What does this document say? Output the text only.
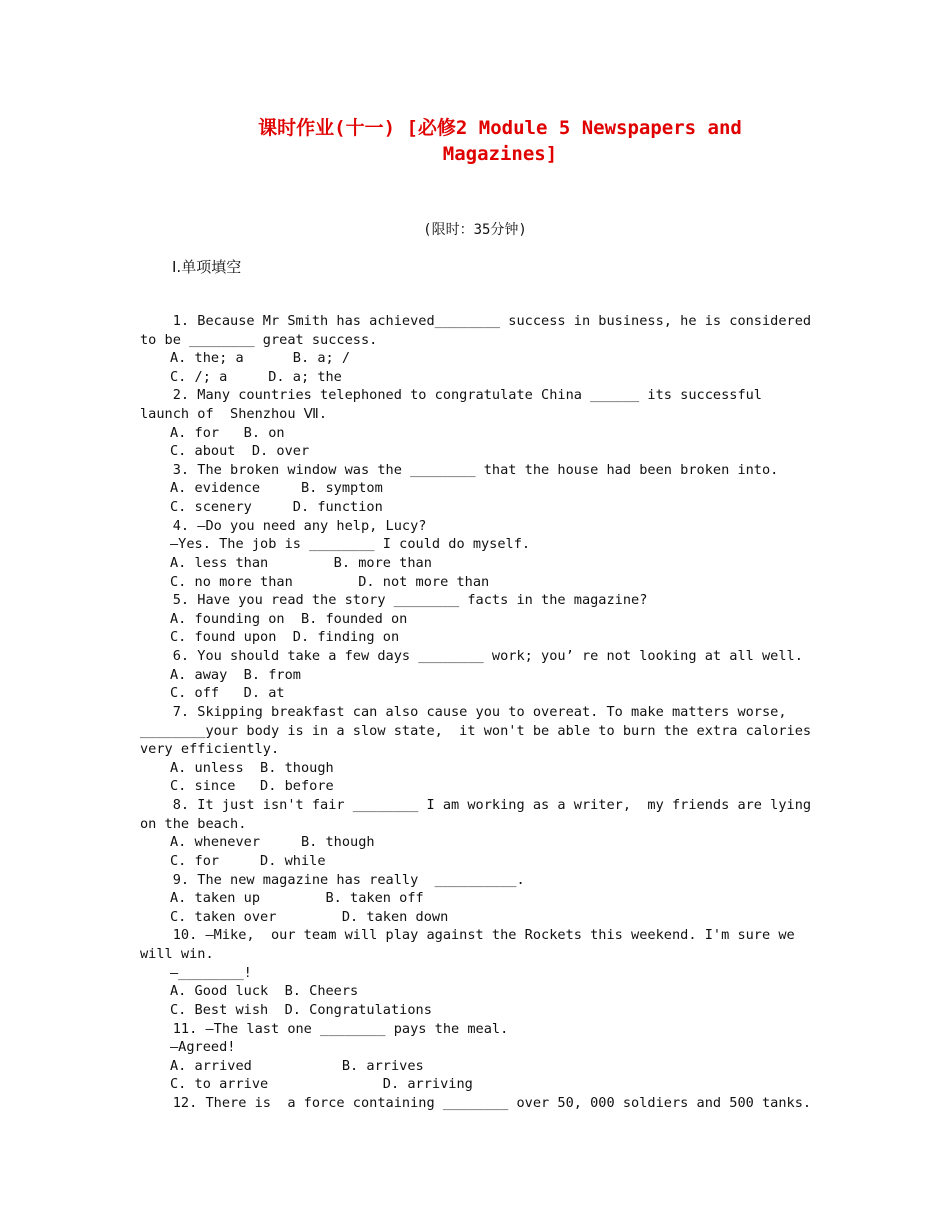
课时作业(十一) [必修2 Module 5 Newspapers and
Magazines]
(限时：35分钟)
Ⅰ.单项填空
1. Because Mr Smith has achieved________ success in business, he is considered
to be ________ great success.
A. the; a      B. a; /
C. /; a     D. a; the
2. Many countries telephoned to congratulate China ______ its successful
launch of  Shenzhou Ⅶ.
A. for   B. on
C. about  D. over
3. The broken window was the ________ that the house had been broken into.
A. evidence     B. symptom
C. scenery     D. function
4. —Do you need any help, Lucy?
—Yes. The job is ________ I could do myself.
A. less than        B. more than
C. no more than        D. not more than
5. Have you read the story ________ facts in the magazine?
A. founding on  B. founded on
C. found upon  D. finding on
6. You should take a few days ________ work; you’ re not looking at all well.
A. away  B. from
C. off   D. at
7. Skipping breakfast can also cause you to overeat. To make matters worse,
________your body is in a slow state,  it won't be able to burn the extra calories
very efficiently.
A. unless  B. though
C. since   D. before
8. It just isn't fair ________ I am working as a writer,  my friends are lying
on the beach.
A. whenever     B. though
C. for     D. while
9. The new magazine has really  __________.
A. taken up        B. taken off
C. taken over        D. taken down
10. —Mike,  our team will play against the Rockets this weekend. I'm sure we
will win.
—________!
A. Good luck  B. Cheers
C. Best wish  D. Congratulations
11. —The last one ________ pays the meal.
—Agreed!
A. arrived           B. arrives
C. to arrive              D. arriving
12. There is  a force containing ________ over 50, 000 soldiers and 500 tanks.
